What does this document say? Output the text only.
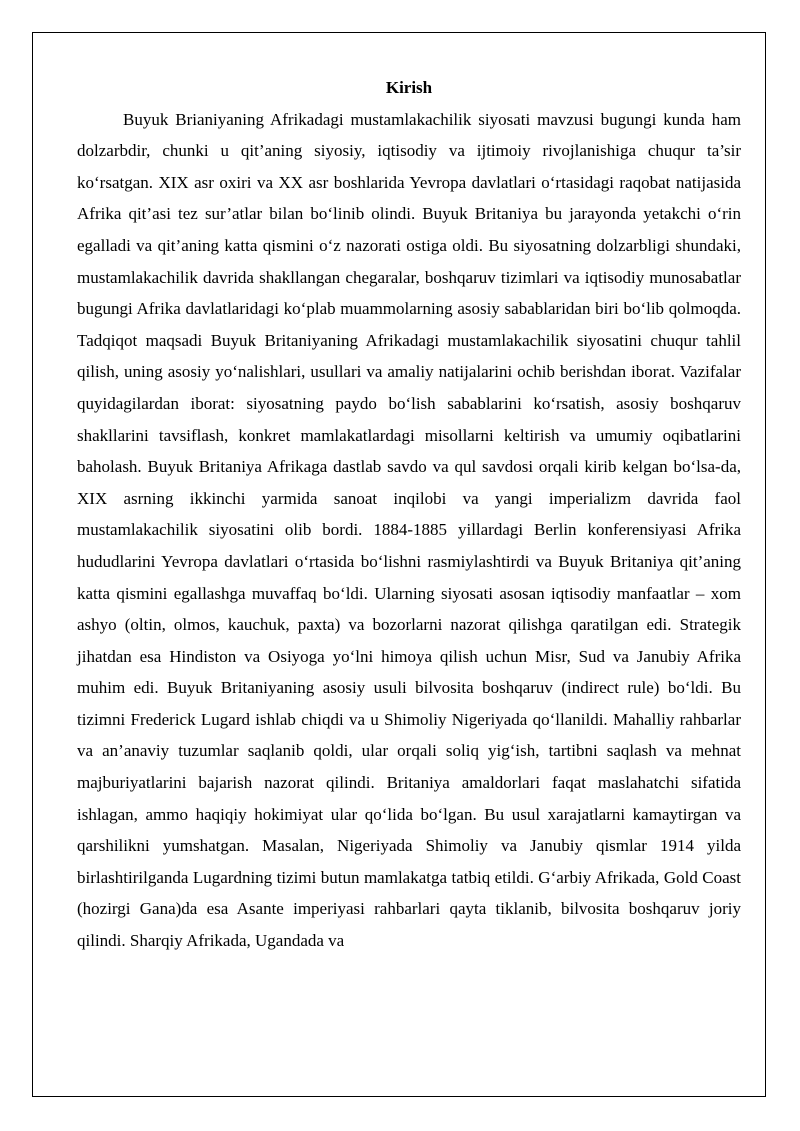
Kirish

Buyuk Brianiyaning Afrikadagi mustamlakachilik siyosati mavzusi bugungi kunda ham dolzarbdir, chunki u qit’aning siyosiy, iqtisodiy va ijtimoiy rivojlanishiga chuqur ta’sir ko‘rsatgan. XIX asr oxiri va XX asr boshlarida Yevropa davlatlari o‘rtasidagi raqobat natijasida Afrika qit’asi tez sur’atlar bilan bo‘linib olindi. Buyuk Britaniya bu jarayonda yetakchi o‘rin egalladi va qit’aning katta qismini o‘z nazorati ostiga oldi. Bu siyosatning dolzarbligi shundaki, mustamlakachilik davrida shakllangan chegaralar, boshqaruv tizimlari va iqtisodiy munosabatlar bugungi Afrika davlatlaridagi ko‘plab muammolarning asosiy sabablaridan biri bo‘lib qolmoqda. Tadqiqot maqsadi Buyuk Britaniyaning Afrikadagi mustamlakachilik siyosatini chuqur tahlil qilish, uning asosiy yo‘nalishlari, usullari va amaliy natijalarini ochib berishdan iborat. Vazifalar quyidagilardan iborat: siyosatning paydo bo‘lish sabablarini ko‘rsatish, asosiy boshqaruv shakllarini tavsiflash, konkret mamlakatlardagi misollarni keltirish va umumiy oqibatlarini baholash. Buyuk Britaniya Afrikaga dastlab savdo va qul savdosi orqali kirib kelgan bo‘lsa-da, XIX asrning ikkinchi yarmida sanoat inqilobi va yangi imperializm davrida faol mustamlakachilik siyosatini olib bordi. 1884-1885 yillardagi Berlin konferensiyasi Afrika hududlarini Yevropa davlatlari o‘rtasida bo‘lishni rasmiylashtirdi va Buyuk Britaniya qit’aning katta qismini egallashga muvaffaq bo‘ldi. Ularning siyosati asosan iqtisodiy manfaatlar – xom ashyo (oltin, olmos, kauchuk, paxta) va bozorlarni nazorat qilishga qaratilgan edi. Strategik jihatdan esa Hindiston va Osiyoga yo‘lni himoya qilish uchun Misr, Sud va Janubiy Afrika muhim edi. Buyuk Britaniyaning asosiy usuli bilvosita boshqaruv (indirect rule) bo‘ldi. Bu tizimni Frederick Lugard ishlab chiqdi va u Shimoliy Nigeriyada qo‘llanildi. Mahalliy rahbarlar va an’anaviy tuzumlar saqlanib qoldi, ular orqali soliq yig‘ish, tartibni saqlash va mehnat majburiyatlarini bajarish nazorat qilindi. Britaniya amaldorlari faqat maslahatchi sifatida ishlagan, ammo haqiqiy hokimiyat ular qo‘lida bo‘lgan. Bu usul xarajatlarni kamaytirgan va qarshilikni yumshatgan. Masalan, Nigeriyada Shimoliy va Janubiy qismlar 1914 yilda birlashtirilganda Lugardning tizimi butun mamlakatga tatbiq etildi. G‘arbiy Afrikada, Gold Coast (hozirgi Gana)da esa Asante imperiyasi rahbarlari qayta tiklanib, bilvosita boshqaruv joriy qilindi. Sharqiy Afrikada, Ugandada va
